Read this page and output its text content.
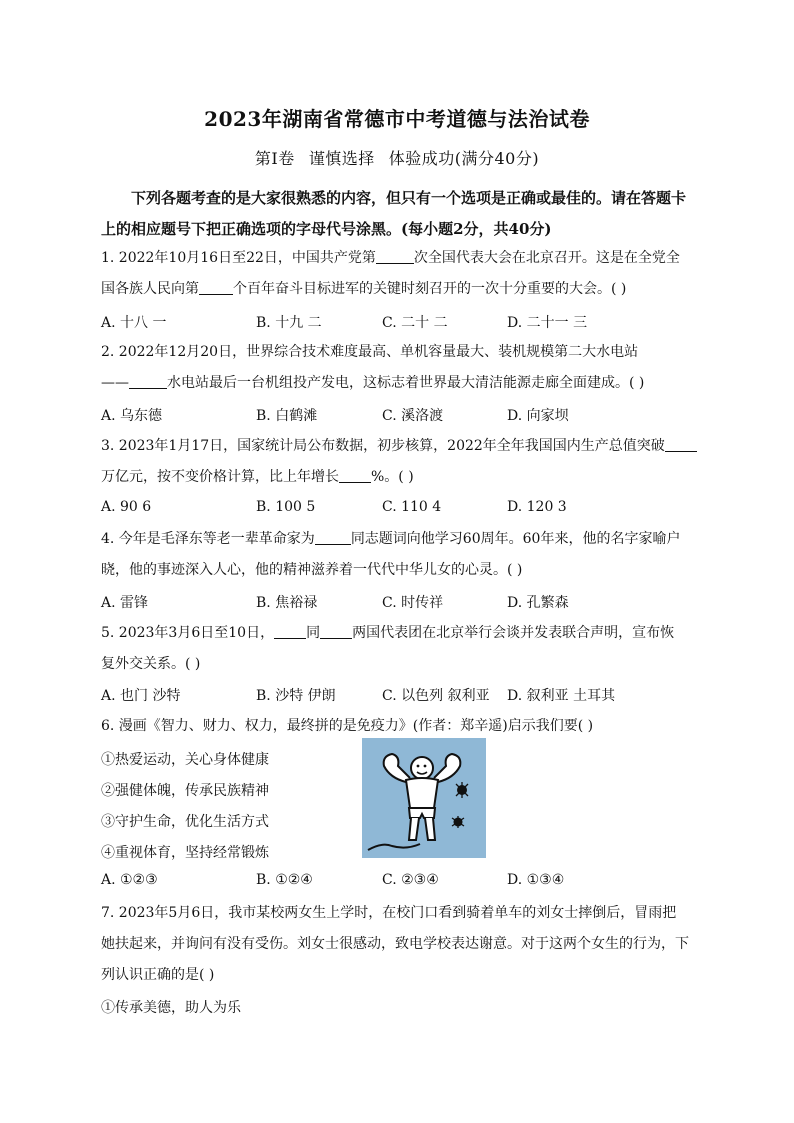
2023年湖南省常德市中考道德与法治试卷
第Ⅰ卷 谨慎选择 体验成功(满分40分)
下列各题考查的是大家很熟悉的内容，但只有一个选项是正确或最佳的。请在答题卡上的相应题号下把正确选项的字母代号涂黑。(每小题2分，共40分)
1. 2022年10月16日至22日，中国共产党第	次全国代表大会在北京召开。这是在全党全
国各族人民向第 个百年奋斗目标进军的关键时刻召开的一次十分重要的大会。( )
A. 十八 一	B. 十九 二	C. 二十 二	D. 二十一 三
2. 2022年12月20日，世界综合技术难度最高、单机容量最大、装机规模第二大水电站
——	水电站最后一台机组投产发电，这标志着世界最大清洁能源走廊全面建成。( )
A. 乌东德	B. 白鹤滩	C. 溪洛渡	D. 向家坝
3. 2023年1月17日，国家统计局公布数据，初步核算，2022年全年我国国内生产总值突破
万亿元，按不变价格计算，比上年增长 %。( )
A. 90 6	B. 100 5	C. 110 4	D. 120 3
4. 今年是毛泽东等老一辈革命家为	同志题词向他学习60周年。60年来，他的名字家喻户
晓，他的事迹深入人心，他的精神滋养着一代代中华儿女的心灵。( )
A. 雷锋	B. 焦裕禄	C. 时传祥	D. 孔繁森
5. 2023年3月6日至10日， 同 两国代表团在北京举行会谈并发表联合声明，宣布恢
复外交关系。( )
A. 也门 沙特	B. 沙特 伊朗	C. 以色列 叙利亚 D. 叙利亚 土耳其
6. 漫画《智力、财力、权力，最终拼的是免疫力》(作者：郑辛遥)启示我们要( )
①热爱运动，关心身体健康
②强健体魄，传承民族精神
③守护生命，优化生活方式
④重视体育，坚持经常锻炼
A. ①②③	B. ①②④	C. ②③④	D. ①③④
7. 2023年5月6日，我市某校两女生上学时，在校门口看到骑着单车的刘女士摔倒后，冒雨把
她扶起来，并询问有没有受伤。刘女士很感动，致电学校表达谢意。对于这两个女生的行为，下
列认识正确的是( )
①传承美德，助人为乐
